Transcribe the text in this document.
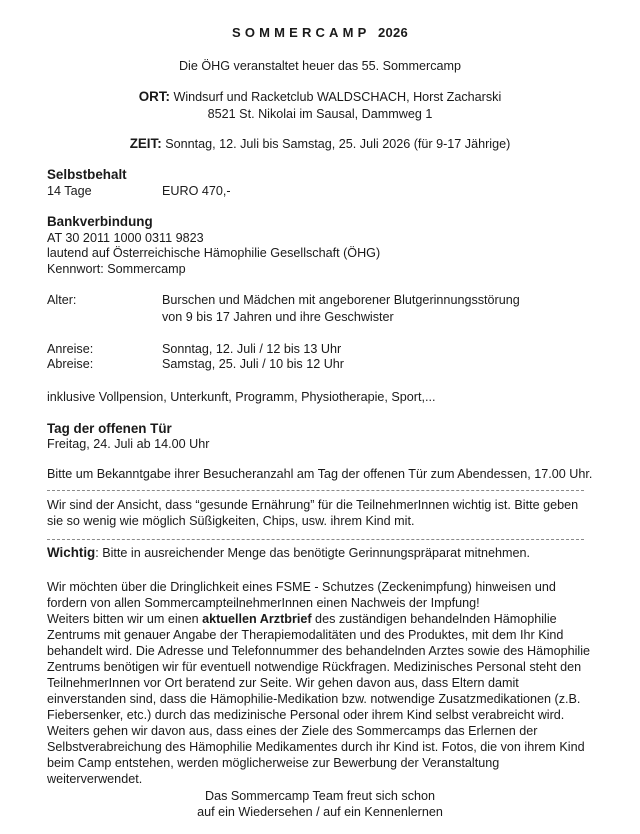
SOMMERCAMP 2026
Die ÖHG veranstaltet heuer das 55. Sommercamp
ORT: Windsurf und Racketclub WALDSCHACH, Horst Zacharski
8521 St. Nikolai im Sausal, Dammweg 1
ZEIT: Sonntag, 12. Juli bis Samstag, 25. Juli 2026 (für 9-17 Jährige)
Selbstbehalt
14 Tage	EURO 470,-
Bankverbindung
AT 30 2011 1000 0311 9823
lautend auf Österreichische Hämophilie Gesellschaft (ÖHG)
Kennwort: Sommercamp
Alter:	Burschen und Mädchen mit angeborener Blutgerinnungsstörung
von 9 bis 17 Jahren und ihre Geschwister
Anreise:	Sonntag, 12. Juli / 12 bis 13 Uhr
Abreise:	Samstag, 25. Juli / 10 bis 12 Uhr
inklusive Vollpension, Unterkunft, Programm, Physiotherapie, Sport,...
Tag der offenen Tür
Freitag, 24. Juli ab 14.00 Uhr
Bitte um Bekanntgabe ihrer Besucheranzahl am Tag der offenen Tür zum Abendessen, 17.00 Uhr.
Wir sind der Ansicht, dass “gesunde Ernährung” für die TeilnehmerInnen wichtig ist. Bitte geben
sie so wenig wie möglich Süßigkeiten, Chips, usw. ihrem Kind mit.
Wichtig: Bitte in ausreichender Menge das benötigte Gerinnungspräparat mitnehmen.
Wir möchten über die Dringlichkeit eines FSME - Schutzes (Zeckenimpfung) hinweisen und
fordern von allen SommercampteilnehmerInnen einen Nachweis der Impfung!
Weiters bitten wir um einen aktuellen Arztbrief des zuständigen behandelnden Hämophilie
Zentrums mit genauer Angabe der Therapiemodalitäten und des Produktes, mit dem Ihr Kind
behandelt wird. Die Adresse und Telefonnummer des behandelnden Arztes sowie des Hämophilie
Zentrums benötigen wir für eventuell notwendige Rückfragen. Medizinisches Personal steht den
TeilnehmerInnen vor Ort beratend zur Seite. Wir gehen davon aus, dass Eltern damit
einverstanden sind, dass die Hämophilie-Medikation bzw. notwendige Zusatzmedikationen (z.B.
Fiebersenker, etc.) durch das medizinische Personal oder ihrem Kind selbst verabreicht wird.
Weiters gehen wir davon aus, dass eines der Ziele des Sommercamps das Erlernen der
Selbstverabreichung des Hämophilie Medikamentes durch ihr Kind ist. Fotos, die von ihrem Kind
beim Camp entstehen, werden möglicherweise zur Bewerbung der Veranstaltung
weiterverwendet.
Das Sommercamp Team freut sich schon
auf ein Wiedersehen / auf ein Kennenlernen
